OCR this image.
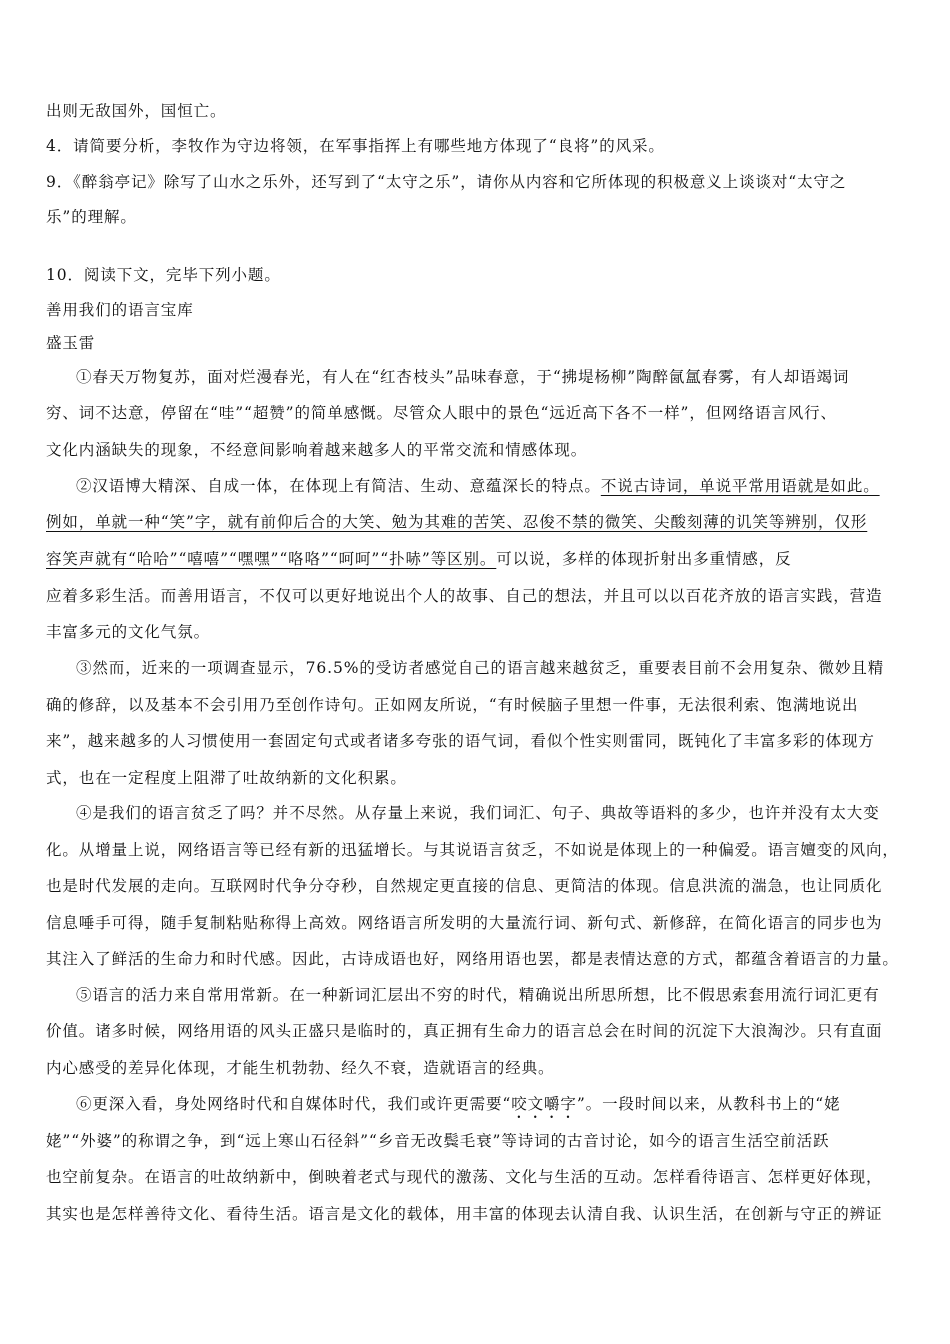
出则无敌国外，国恒亡。
4．请简要分析，李牧作为守边将领，在军事指挥上有哪些地方体现了“良将”的风采。
9．《醉翁亭记》除写了山水之乐外，还写到了“太守之乐”，请你从内容和它所体现的积极意义上谈谈对“太守之
乐”的理解。
10．阅读下文，完毕下列小题。
善用我们的语言宝库
盛玉雷
①春天万物复苏，面对烂漫春光，有人在“红杏枝头”品味春意，于“拂堤杨柳”陶醉氤氲春雾，有人却语竭词
穷、词不达意，停留在“哇”“超赞”的简单感慨。尽管众人眼中的景色“远近高下各不一样”，但网络语言风行、
文化内涵缺失的现象，不经意间影响着越来越多人的平常交流和情感体现。
②汉语博大精深、自成一体，在体现上有简洁、生动、意蕴深长的特点。不说古诗词，单说平常用语就是如此。
例如，单就一种“笑”字，就有前仰后合的大笑、勉为其难的苦笑、忍俊不禁的微笑、尖酸刻薄的讥笑等辨别，仅形
容笑声就有“哈哈”“嘻嘻”“嘿嘿”“咯咯”“呵呵”“扑哧”等区别。可以说，多样的体现折射出多重情感，反
应着多彩生活。而善用语言，不仅可以更好地说出个人的故事、自己的想法，并且可以以百花齐放的语言实践，营造
丰富多元的文化气氛。
③然而，近来的一项调查显示，76.5%的受访者感觉自己的语言越来越贫乏，重要表目前不会用复杂、微妙且精
确的修辞，以及基本不会引用乃至创作诗句。正如网友所说，“有时候脑子里想一件事，无法很利索、饱满地说出
来”，越来越多的人习惯使用一套固定句式或者诸多夸张的语气词，看似个性实则雷同，既钝化了丰富多彩的体现方
式，也在一定程度上阻滞了吐故纳新的文化积累。
④是我们的语言贫乏了吗？并不尽然。从存量上来说，我们词汇、句子、典故等语料的多少，也许并没有太大变
化。从增量上说，网络语言等已经有新的迅猛增长。与其说语言贫乏，不如说是体现上的一种偏爱。语言嬗变的风向，
也是时代发展的走向。互联网时代争分夺秒，自然规定更直接的信息、更简洁的体现。信息洪流的湍急，也让同质化
信息唾手可得，随手复制粘贴称得上高效。网络语言所发明的大量流行词、新句式、新修辞，在简化语言的同步也为
其注入了鲜活的生命力和时代感。因此，古诗成语也好，网络用语也罢，都是表情达意的方式，都蕴含着语言的力量。
⑤语言的活力来自常用常新。在一种新词汇层出不穷的时代，精确说出所思所想，比不假思索套用流行词汇更有
价值。诸多时候，网络用语的风头正盛只是临时的，真正拥有生命力的语言总会在时间的沉淀下大浪淘沙。只有直面
内心感受的差异化体现，才能生机勃勃、经久不衰，造就语言的经典。
⑥更深入看，身处网络时代和自媒体时代，我们或许更需要“咬文嚼字”。一段时间以来，从教科书上的“姥
姥”“外婆”的称谓之争，到“远上寒山石径斜”“乡音无改鬓毛衰”等诗词的古音讨论，如今的语言生活空前活跃
也空前复杂。在语言的吐故纳新中，倒映着老式与现代的激荡、文化与生活的互动。怎样看待语言、怎样更好体现，
其实也是怎样善待文化、看待生活。语言是文化的载体，用丰富的体现去认清自我、认识生活，在创新与守正的辨证
